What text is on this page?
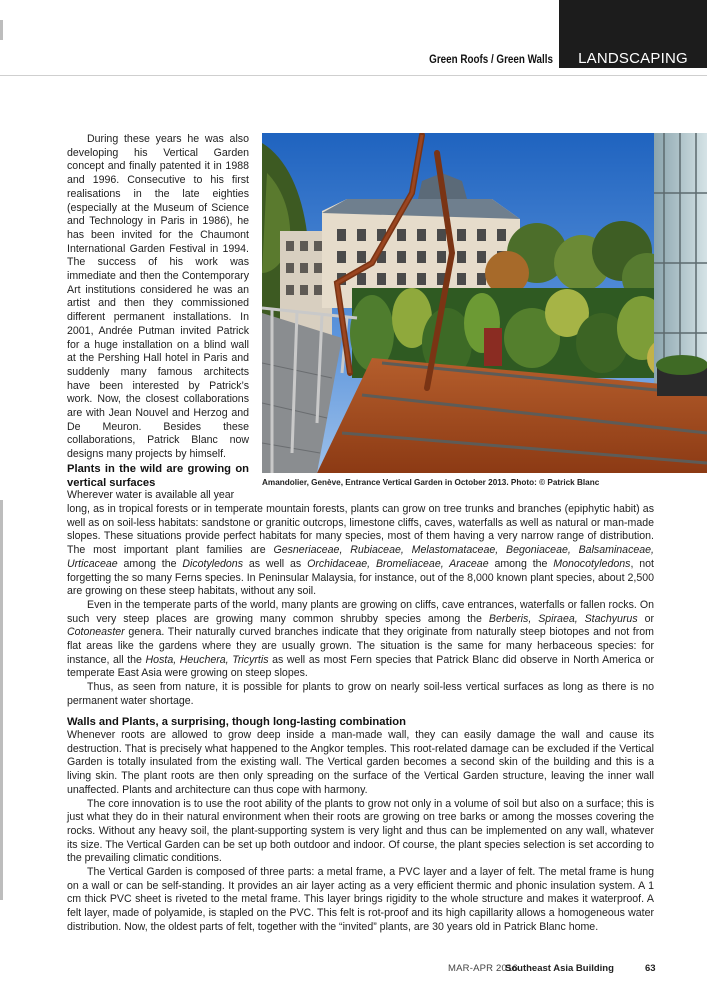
LANDSCAPING
Green Roofs / Green Walls

During these years he was also developing his Vertical Garden concept and finally patented it in 1988 and 1996. Consecutive to his first realisations in the late eighties (especially at the Museum of Science and Technology in Paris in 1986), he has been invited for the Chaumont International Garden Festival in 1994. The success of his work was immediate and then the Contemporary Art institutions considered he was an artist and then they commissioned different permanent installations. In 2001, Andrée Putman invited Patrick for a huge installation on a blind wall at the Pershing Hall hotel in Paris and suddenly many famous architects have been interested by Patrick’s work. Now, the closest collaborations are with Jean Nouvel and Herzog and De Meuron. Besides these collaborations, Patrick Blanc now designs many projects by himself.

Amandolier, Genève, Entrance Vertical Garden in October 2013. Photo: © Patrick Blanc
Plants in the wild are growing on vertical surfaces
Wherever water is available all year

long, as in tropical forests or in temperate mountain forests, plants can grow on tree trunks and branches (epiphytic habit) as well as on soil-less habitats: sandstone or granitic outcrops, limestone cliffs, caves, waterfalls as well as natural or man-made slopes. These situations provide perfect habitats for many species, most of them having a very narrow range of distribution. The most important plant families are Gesneriaceae, Rubiaceae, Melastomataceae, Begoniaceae, Balsaminaceae, Urticaceae among the Dicotyledons as well as Orchidaceae, Bromeliaceae, Araceae among the Monocotyledons, not forgetting the so many Ferns species. In Peninsular Malaysia, for instance, out of the 8,000 known plant species, about 2,500 are growing on these steep habitats, without any soil.

Even in the temperate parts of the world, many plants are growing on cliffs, cave entrances, waterfalls or fallen rocks. On such very steep places are growing many common shrubby species among the Berberis, Spiraea, Stachyurus or Cotoneaster genera. Their naturally curved branches indicate that they originate from naturally steep biotopes and not from flat areas like the gardens where they are usually grown. The situation is the same for many herbaceous species: for instance, all the Hosta, Heuchera, Tricyrtis as well as most Fern species that Patrick Blanc did observe in North America or temperate East Asia were growing on steep slopes.

Thus, as seen from nature, it is possible for plants to grow on nearly soil-less vertical surfaces as long as there is no permanent water shortage.

Walls and Plants, a surprising, though long-lasting combination

Whenever roots are allowed to grow deep inside a man-made wall, they can easily damage the wall and cause its destruction. That is precisely what happened to the Angkor temples. This root-related damage can be excluded if the Vertical Garden is totally insulated from the existing wall. The Vertical garden becomes a second skin of the building and this is a living skin. The plant roots are then only spreading on the surface of the Vertical Garden structure, leaving the inner wall unaffected. Plants and architecture can thus cope with harmony.

The core innovation is to use the root ability of the plants to grow not only in a volume of soil but also on a surface; this is just what they do in their natural environment when their roots are growing on tree barks or among the mosses covering the rocks. Without any heavy soil, the plant-supporting system is very light and thus can be implemented on any wall, whatever its size. The Vertical Garden can be set up both outdoor and indoor. Of course, the plant species selection is set according to the prevailing climatic conditions.

The Vertical Garden is composed of three parts: a metal frame, a PVC layer and a layer of felt. The metal frame is hung on a wall or can be self-standing. It provides an air layer acting as a very efficient thermic and phonic insulation system. A 1 cm thick PVC sheet is riveted to the metal frame. This layer brings rigidity to the whole structure and makes it waterproof. A felt layer, made of polyamide, is stapled on the PVC. This felt is rot-proof and its high capillarity allows a homogeneous water distribution. Now, the oldest parts of felt, together with the “invited” plants, are 30 years old in Patrick Blanc home.

MAR-APR 2016
Southeast Asia Building	63
